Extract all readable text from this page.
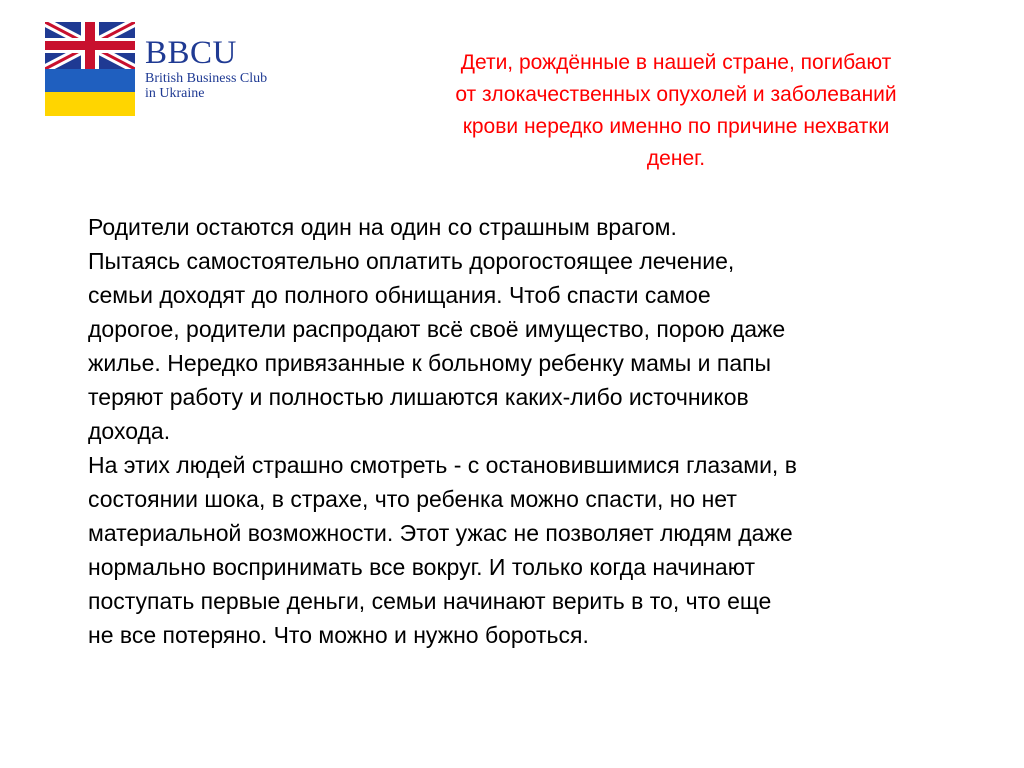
BBCU
British Business Club
in Ukraine
Дети, рождённые в нашей стране, погибают
от злокачественных опухолей и заболеваний
крови нередко именно по причине нехватки
денег.

Родители остаются один на один со страшным врагом.

Пытаясь самостоятельно оплатить дорогостоящее лечение,

семьи доходят до полного обнищания. Чтоб спасти самое

дорогое, родители распродают всё своё имущество, порою даже

жилье. Нередко привязанные к больному ребенку мамы и папы

теряют работу и полностью лишаются каких-либо источников

дохода.

На этих людей страшно смотреть - с остановившимися глазами, в

состоянии шока, в страхе, что ребенка можно спасти, но нет

материальной возможности. Этот ужас не позволяет людям даже

нормально воспринимать все вокруг. И только когда начинают

поступать первые деньги, семьи начинают верить в то, что еще

не все потеряно. Что можно и нужно бороться.
